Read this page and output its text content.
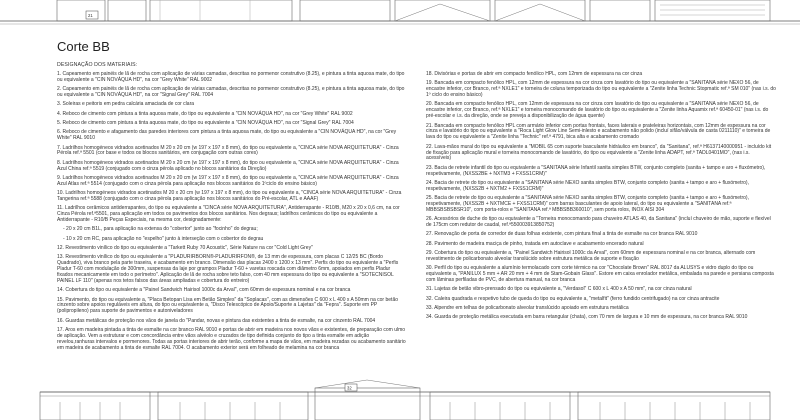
21
Corte BB
DESIGNAÇÃO DOS MATERIAIS:
1. Capeamento em painéis de lã de rocha com aplicação de várias camadas, descritas no pormenor construtivo (8.25), e pintura a tinta aquosa mate, do tipo ou equivalente a "CIN NOVÁQUA HD", na cor "Grey White" RAL 9002
2. Capeamento em painéis de lã de rocha com aplicação de várias camadas, descritas no pormenor construtivo (8.25), e pintura a tinta aquosa mate, do tipo ou equivalente a "CIN NOVÁQUA HD", na cor "Signal Grey" RAL 7004
3. Soleiras e peitoris em pedra calcária amaciada de cor clara
4. Reboco de cimento com pintura a tinta aquosa mate, do tipo ou equivalente a "CIN NOVÁQUA HD", na cor "Grey White" RAL 9002
5. Reboco de cimento com pintura a tinta aquosa mate, do tipo ou equivalente a "CIN NOVÁQUA HD", na cor "Signal Grey" RAL 7004
6. Reboco de cimento e afagamento das paredes interiores com pintura a tinta aquosa mate, do tipo ou equivalente a "CIN NOVÁQUA HD", na cor "Grey White" RAL 9010
7. Ladrilhos homogéneos vidrados acetinados M 20 x 20 cm (w 197 x 197 x 8 mm), do tipo ou equivalente a, "CINCA série NOVA ARQUITETURA" - Cinza Pérola ref.ª 5501 (cor base e todos os blocos sanitários, em conjugação com outras cores)
8. Ladrilhos homogéneos vidrados acetinados M 20 x 20 cm (w 197 x 197 x 8 mm), do tipo ou equivalente a, "CINCA série NOVA ARQUITETURA" - Cinza Azul China ref.ª 5519 (conjugado com o cinza pérola aplicado no blocos sanitários da Direção)
9. Ladrilhos homogéneos vidrados acetinados M 20 x 20 cm (w 197 x 197 x 8 mm), do tipo ou equivalente a, "CINCA série NOVA ARQUITETURA" - Cinza Azul Atlas ref.ª 5514 (conjugado com o cinza pérola para aplicação nos blocos sanitários do 1ºciclo do ensino básico)
10. Ladrilhos homogéneos vidrados acetinados M 20 x 20 cm (w 197 x 197 x 8 mm), do tipo ou equivalente a, "CINCA série NOVA ARQUITETURA" - Cinza Tangerina ref.ª 5588 (conjugado com o cinza pérola para aplicação nos blocos sanitários do Pré-escolar, ATL e AAAF)
11. Ladrilhos cerâmicos antiderrapantes, do tipo ou equivalente a "CINCA série NOVA ARQUITETURA", Antiderrapante - R10/B, M20 x 20 x 0,6 cm, na cor Cinza Pérola ref.ª5501, para aplicação em todos os pavimentos dos blocos sanitários. Nos degraus; ladrilhos cerâmicos do tipo ou equivalente a Antiderrapante - R10/B Peças Especiais, na mesma cor, designadamente:
- 20 x 20 cm B1L, para aplicação na extensa do "cobertor" junto ao "focinho" do degrau;
- 10 x 20 cm RC, para aplicação no "espelho" junto à interseção com o cobertor do degrau
12. Revestimento vinílico do tipo ou equivalente a "Tarkett Ruby 70 Acoustic", Série Nature na cor "Cold Light Grey"
13. Revestimento vinílico do tipo ou equivalente a "PLADURIRBORN®-PLADURIRFON®, de 13 mm de espessura, com placas C 12/25 BC (Bordo Quadrado), viva branco pela parte traseira, e acabamento em branco. Dimensão das placas 2400 x 1200 x 13 mm". Perfis do tipo ou equivalente a "Perfis Pladur T-60 com modulação de 300mm, suspensas da laje por grampos Pladur T-60 + varetas roscada com diâmetro 6mm, apoiados em perfis Pladur fixados mecanicamente em todo o perímetro". Aplicação de lã de rocha sobre teto falso, com 40 mm espessura do tipo ou equivalente a "SOTECNISOL PAINEL LF 110" (apenas nos tetos falsos das áreas ampliadas e cobertura do entreiro)
14. Cobertura do tipo ou equivalente a "Painel Sandwich Hairisol 1000c da Arval", com 60mm de espessura nominal e na cor branca
15. Pavimento, do tipo ou equivalente a, "Placa Betopan Lisa em Betão Simples" da "Soplacas", com as dimensões C 600 x L 400 x A 50mm na cor betão cinzento sobre apoios reguláveis em altura, do tipo ou equivalente a, "Disco Telescópico de Apoio/Suporte a Lajetas" da "Fepra". Suporte em PP (polipropileno) para suporte de pavimentos e autoniveladores
16. Guardas metálicas de proteção nos vãos de janela do "Pandar, novas e pintura das existentes a tinta de esmalte, na cor cinzento RAL 7004
17. Aros em madeira pintada a tinta de esmalte na cor branco RAL 9010 e portas de abrir em madeira nos novos vãos e existentes, de preparação com ulmo de aplicação. Vem a estruturar e com concordância entre vãos alvéolo e cruzados de tipo definida conjunto do tipo a tinta esmalte em adição revelou,ranhuras intervalos e pormenores. Todas as portas interiores de abrir terão, conforme a mapa de vãos, em madeira rezadas ou acabamento sanitário em madeira de acabamento a tinta de esmalte RAL 7004. O acabamento exterior será em folheado de melamina na cor branca
18. Divisórias e portas de abrir em compacto fenólico HPL, com 12mm de espessura na cor cinza
19. Bancada em compacto fenólico HPL, com 12mm de espessura na cor cinza com lavatório do tipo ou equivalente a "SANITANA série NEXO 56, de encastre inferior, cor Branco, ref.ª NXLE1" e torneira de coluna temporizada do tipo ou equivalente a "Zenite linha Technic Stopmatic ref.ª SM 010" (nas i.s. do 1º ciclo do ensino básico)
20. Bancada em compacto fenólico HPL, com 12mm de espessura na cor cinza com lavatório do tipo ou equivalente a "SANITANA série NEXO 56, de encastre inferior, cor Branco, ref.ª NXLE1" e torneira monocomando de lavatório do tipo ou equivalente a "Zenite linha Aquamix ref.ª 60450-01" (nas i.s. do pré-escolar e i.s. da direção, onde se preveja a disponibilização de água quente)
21. Bancada em compacto fenólico HPL com armário inferior com portas frontais, faces laterais e prateleiras horizontais, com 12mm de espessura na cor cinza e lavatório do tipo ou equivalente a "Roca Light Glow Line Semi-inlesto e acabamento não polido (incluí sifão/válvula de casta 0211110)" e torneira de lava do tipo ou equivalente a "Zenite linha "Technic" ref.ª 4791, bica alta e acabamento cromado
22. Lava-mãos mural do tipo ou equivalente a "MOBIL 65 com suporte basculante hidráulico em branco", da "Sanitana", ref.ª H6137140000951 - incluído kit de fixação para aplicação mural e torneira monocomando de lavatório, do tipo ou equivalente a "Zenite linha ADAPT, ref.ª TADL0401MO", (nas i.s. acessíveis)
23. Bacia de retrete infantil do tipo ou equivalente a "SANITANA série Infantil sanita simples BTW, conjunto completo (sanita + tampo e aro + fluxómetro), respetivamente, (NXSS2BE + NXTM3 + FXSS1CRM)"
24. Bacia de retrete do tipo ou equivalente a "SANITANA série NEXO sanita simples BTW, conjunto completo (sanita + tampo e aro + fluxómetro), respetivamente, (NXSS2B + NXTM2 + FXSS1CRM)"
25. Bacia de retrete do tipo ou equivalente a "SANITANA série NEXO sanita simples BTW, conjunto completo (sanita + tampo e aro + fluxómetro), respetivamente, (NXSS2B + NXTMCE + FXSS1CRM)" com barras basculantes de apoio lateral, do tipo ou equivalente a "SANITANA ref.ª MBBSBSBSBSR10", com porta-rolos e "SANITANA ref.ª MBBSBB360010", sem porta rolos, INOX AISI 304
26. Acessórios de duche do tipo ou equivalente a "Torneira monocomando para chuveiro ATLAS 40, da Sanitana" (incluí chuveiro de mão, suporte e flexível de 175cm com redutor de caudal, ref.ª550003913850752)
27. Renovação de porta de corredor de duas folhas existente, com pintura final a tinta de esmalte na cor branca RAL 9010
28. Pavimento de madeira maciça de pinho, tratada em autoclave e acabamento encerado natural
29. Cobertura do tipo ou equivalente a, "Painel Sandwich Hairisol 1000c da Arval", com 60mm de espessura nominal e na cor branca, alternado com revestimento de policarbonato alveolar translúcido sobre estrutura metálica de suporte e fixação
30. Perfil do tipo ou equivalente a alumínio termolacado com corte térmico na cor "Chocolate Brown" RAL 8017 da ALUSYS e vidro duplo do tipo ou equivalente a, "PANILUX 5 mm + AR 20 mm + 4 mm de Stam-Gobain Glass". Estore em caixa enrolador metálica, embalada na parede e persiana composta com lâminas perfiladas de PVC, de abertura manual, na cor branca
31. Lajetas de betão vibro-prensado do tipo ou equivalente a, "Verdasol" C 600 x L 400 x A 50 mm", na cor cinza natural
32. Caleira quadrada e respetivo tubo de queda do tipo ou equivalente a, "metalfit" (ferro fundido centrifugado) na cor cinza antracite
33. Alpendre em telhas de policarbonato alveolar translúcido apoiado em estrutura metálica
34. Guarda de proteção metálica executada em barra retangular (chata), com 70 mm de largura e 10 mm de espessura, na cor branca RAL 9010
32
